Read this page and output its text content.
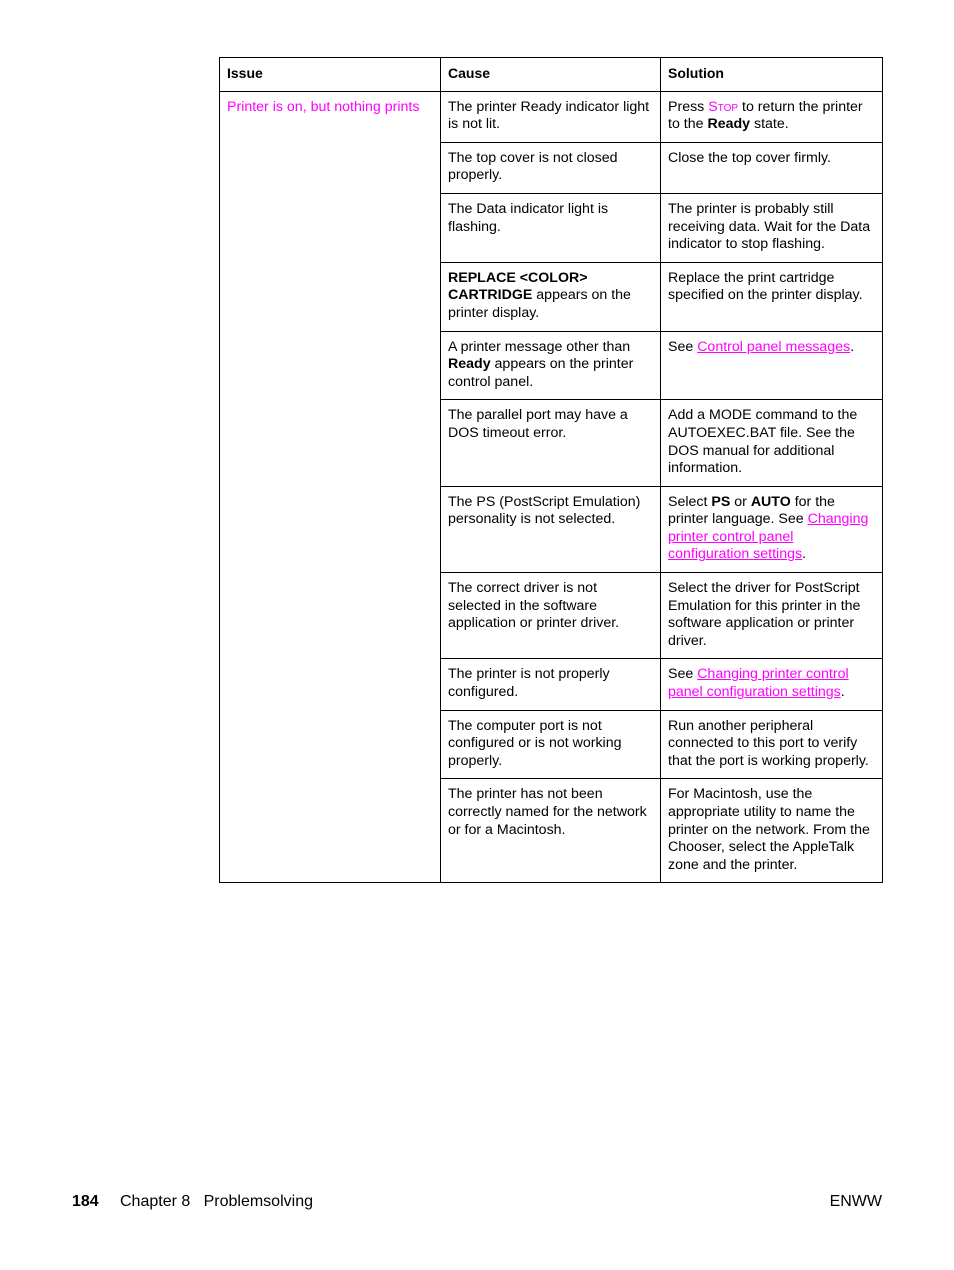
Issue	Cause	Solution
Printer is on, but nothing prints	The printer Ready indicator light is not lit.	Press Stop to return the printer to the Ready state.
	The top cover is not closed properly.	Close the top cover firmly.
	The Data indicator light is flashing.	The printer is probably still receiving data. Wait for the Data indicator to stop flashing.
	REPLACE <COLOR> CARTRIDGE appears on the printer display.	Replace the print cartridge specified on the printer display.
	A printer message other than Ready appears on the printer control panel.	See Control panel messages.
	The parallel port may have a DOS timeout error.	Add a MODE command to the AUTOEXEC.BAT file. See the DOS manual for additional information.
	The PS (PostScript Emulation) personality is not selected.	Select PS or AUTO for the printer language. See Changing printer control panel configuration settings.
	The correct driver is not selected in the software application or printer driver.	Select the driver for PostScript Emulation for this printer in the software application or printer driver.
	The printer is not properly configured.	See Changing printer control panel configuration settings.
	The computer port is not configured or is not working properly.	Run another peripheral connected to this port to verify that the port is working properly.
	The printer has not been correctly named for the network or for a Macintosh.	For Macintosh, use the appropriate utility to name the printer on the network. From the Chooser, select the AppleTalk zone and the printer.
184 Chapter 8   Problemsolving	ENWW
